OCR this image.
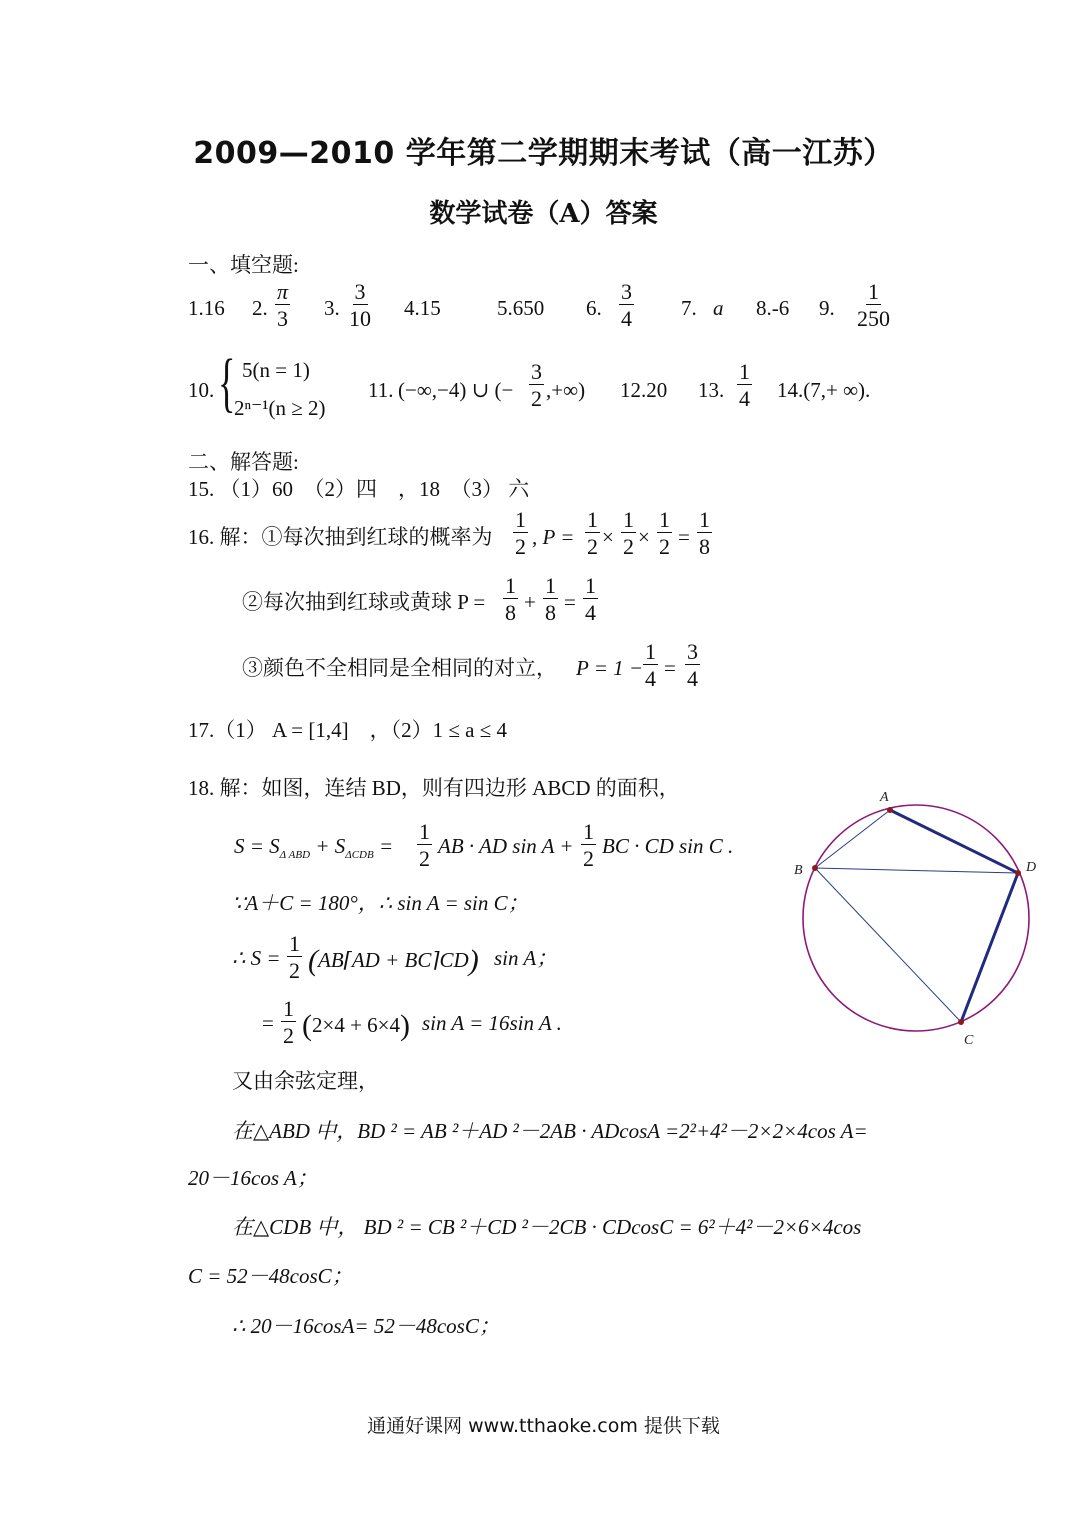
2009—2010 学年第二学期期末考试（高一江苏）
数学试卷（A）答案
一、填空题:
1.16 2. $\frac{\pi}{3} 3$. $\frac{3}{10} 4.15$	5.650 6. $\frac{3}{4} 7$. a 8.-6 9. $\frac{1}{250}$
10. { 5(n = 1)
2ⁿ⁻¹(n ≥ 2)
11. (−∞,−4) ∪ (− $\frac{3}{2}$ ,+∞) 12.20 13. $\frac{1}{4} 14.(7,+$ ∞).
二、解答题:
15. （1）60　（2）四　，18　（3） 六
16. 解：①每次抽到红球的概率为 $\frac{1}{2}$ , $P = \frac{1}{2} \times \frac{1}{2} \times \frac{1}{2} = \frac{1}{8}$
②每次抽到红球或黄球 $P = \frac{1}{8} + \frac{1}{8} = \frac{1}{4}$
③颜色不全相同是全相同的对立， $P = 1 - \frac{1}{4} = \frac{3}{4}$
17.（1） A = [1,4]　，（2）1 ≤ a ≤ 4
18. 解：如图，连结 BD，则有四边形 ABCD 的面积，
$S = S_{\Delta ABD} + S_{\Delta CDB} = \frac{1}{2}$ AB · AD $\sin A + \frac{1}{2}$ BC · CD sin C .
∵A＋C = 180°，∴ sin A = sin C；
∴ $S = \frac{1}{2}$ (AB⌈AD + BC⌉CD) sin A；
= $\frac{1}{2} (2\times 4 + 6\times 4)$ sin A = 16sin A .
又由余弦定理，
在△ABD 中，BD ² = AB ²＋AD ²－2AB · ADcosA =2²+4²－2×2×4cos A=
20－16cos A；
在△CDB 中， BD ² = CB ²＋CD ²－2CB · CDcosC = 6²＋4²－2×6×4cos
C = 52－48cosC；
∴ 20－16cosA= 52－48cosC；
A
B	D
C
通通好课网 www.tthaoke.com 提供下载
